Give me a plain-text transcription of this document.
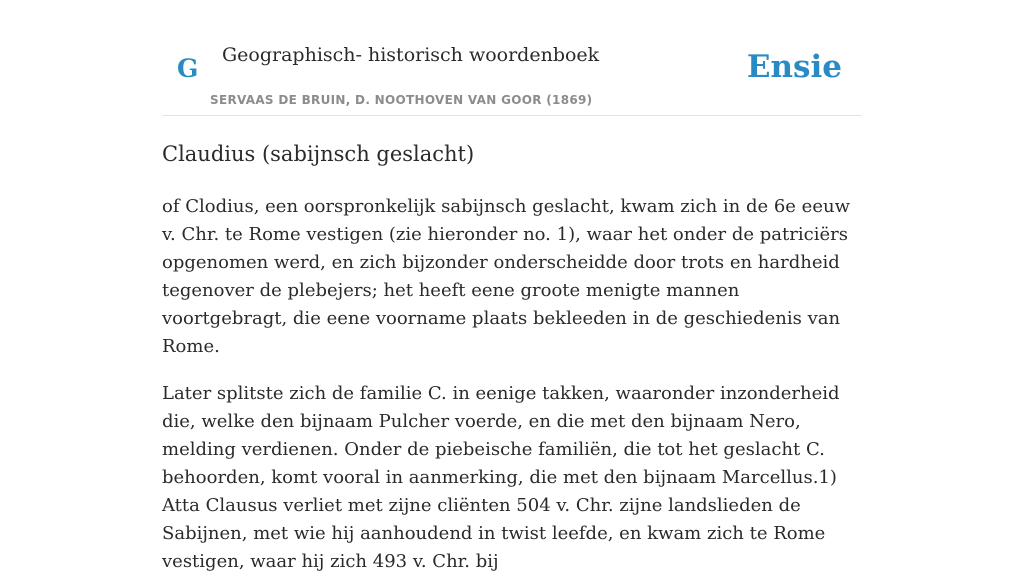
G Geographisch- historisch woordenboek
SERVAAS DE BRUIN, D. NOOTHOVEN VAN GOOR (1869)
Ensie
Claudius (sabijnsch geslacht)

of Clodius, een oorspronkelijk sabijnsch geslacht, kwam zich in de 6e eeuw v. Chr. te Rome vestigen (zie hieronder no. 1), waar het onder de patriciërs opgenomen werd, en zich bijzonder onderscheidde door trots en hardheid tegenover de plebejers; het heeft eene groote menigte mannen voortgebragt, die eene voorname plaats bekleeden in de geschiedenis van Rome.

Later splitste zich de familie C. in eenige takken, waaronder inzonderheid die, welke den bijnaam Pulcher voerde, en die met den bijnaam Nero, melding verdienen. Onder de piebeische familiën, die tot het geslacht C. behoorden, komt vooral in aanmerking, die met den bijnaam Marcellus.1) Atta Clausus verliet met zijne cliënten 504 v. Chr. zijne landslieden de Sabijnen, met wie hij aanhoudend in twist leefde, en kwam zich te Rome vestigen, waar hij zich 493 v. Chr. bij
